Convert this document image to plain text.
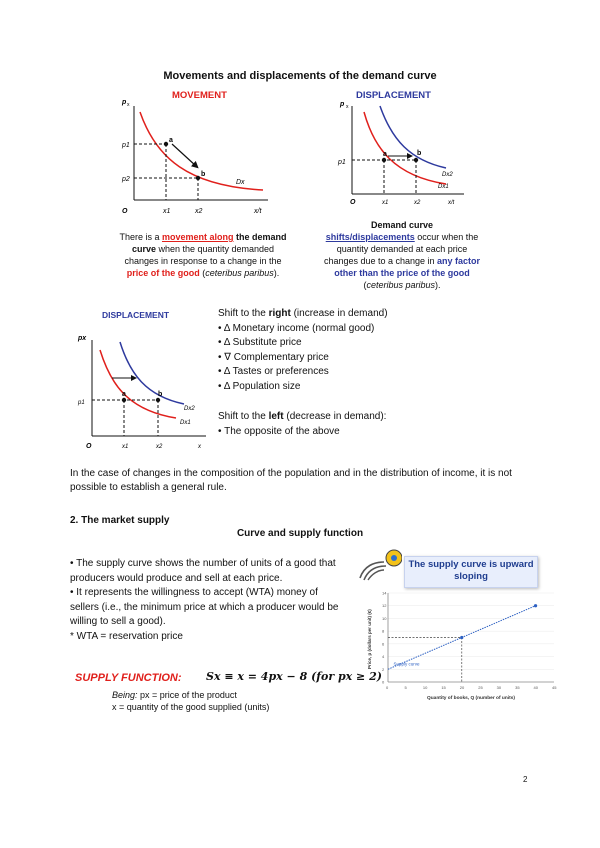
Movements and displacements of the demand curve
MOVEMENT
p x
p1
p2
a
b
Dx
O	x1	x2	x/t
There is a movement along the demand curve when the quantity demanded changes in response to a change in the price of the good (ceteribus paribus).
DISPLACEMENT
p x
p1
a	b
Dx2
Dx1
O	x1	x2	x/t
Demand curve
shifts/displacements occur when the quantity demanded at each price changes due to a change in any factor other than the price of the good (ceteribus paribus).
DISPLACEMENT
px
p1
a	b
Dx2
Dx1
O	x1	x2	x
Shift to the right (increase in demand)
• Δ Monetary income (normal good)
• Δ Substitute price
• ∇ Complementary price
• Δ Tastes or preferences
• Δ Population size
Shift to the left (decrease in demand):
• The opposite of the above
In the case of changes in the composition of the population and in the distribution of income, it is not possible to establish a general rule.
2. The market supply
Curve and supply function
• The supply curve shows the number of units of a good that producers would produce and sell at each price.
• It represents the willingness to accept (WTA) money of sellers (i.e., the minimum price at which a producer would be willing to sell a good).
* WTA = reservation price
The supply curve is upward sloping
0
2
4
6
8
10
12
14
0	5	10	15	20	25	30	35	40	45
Supply curve
Price, p (dollars per unit) (€)
Quantity of books, Q (number of units)
SUPPLY FUNCTION: Sx ≡ x = 4px − 8 (for px ≥ 2)
Being: px = price of the product
x = quantity of the good supplied (units)
2
